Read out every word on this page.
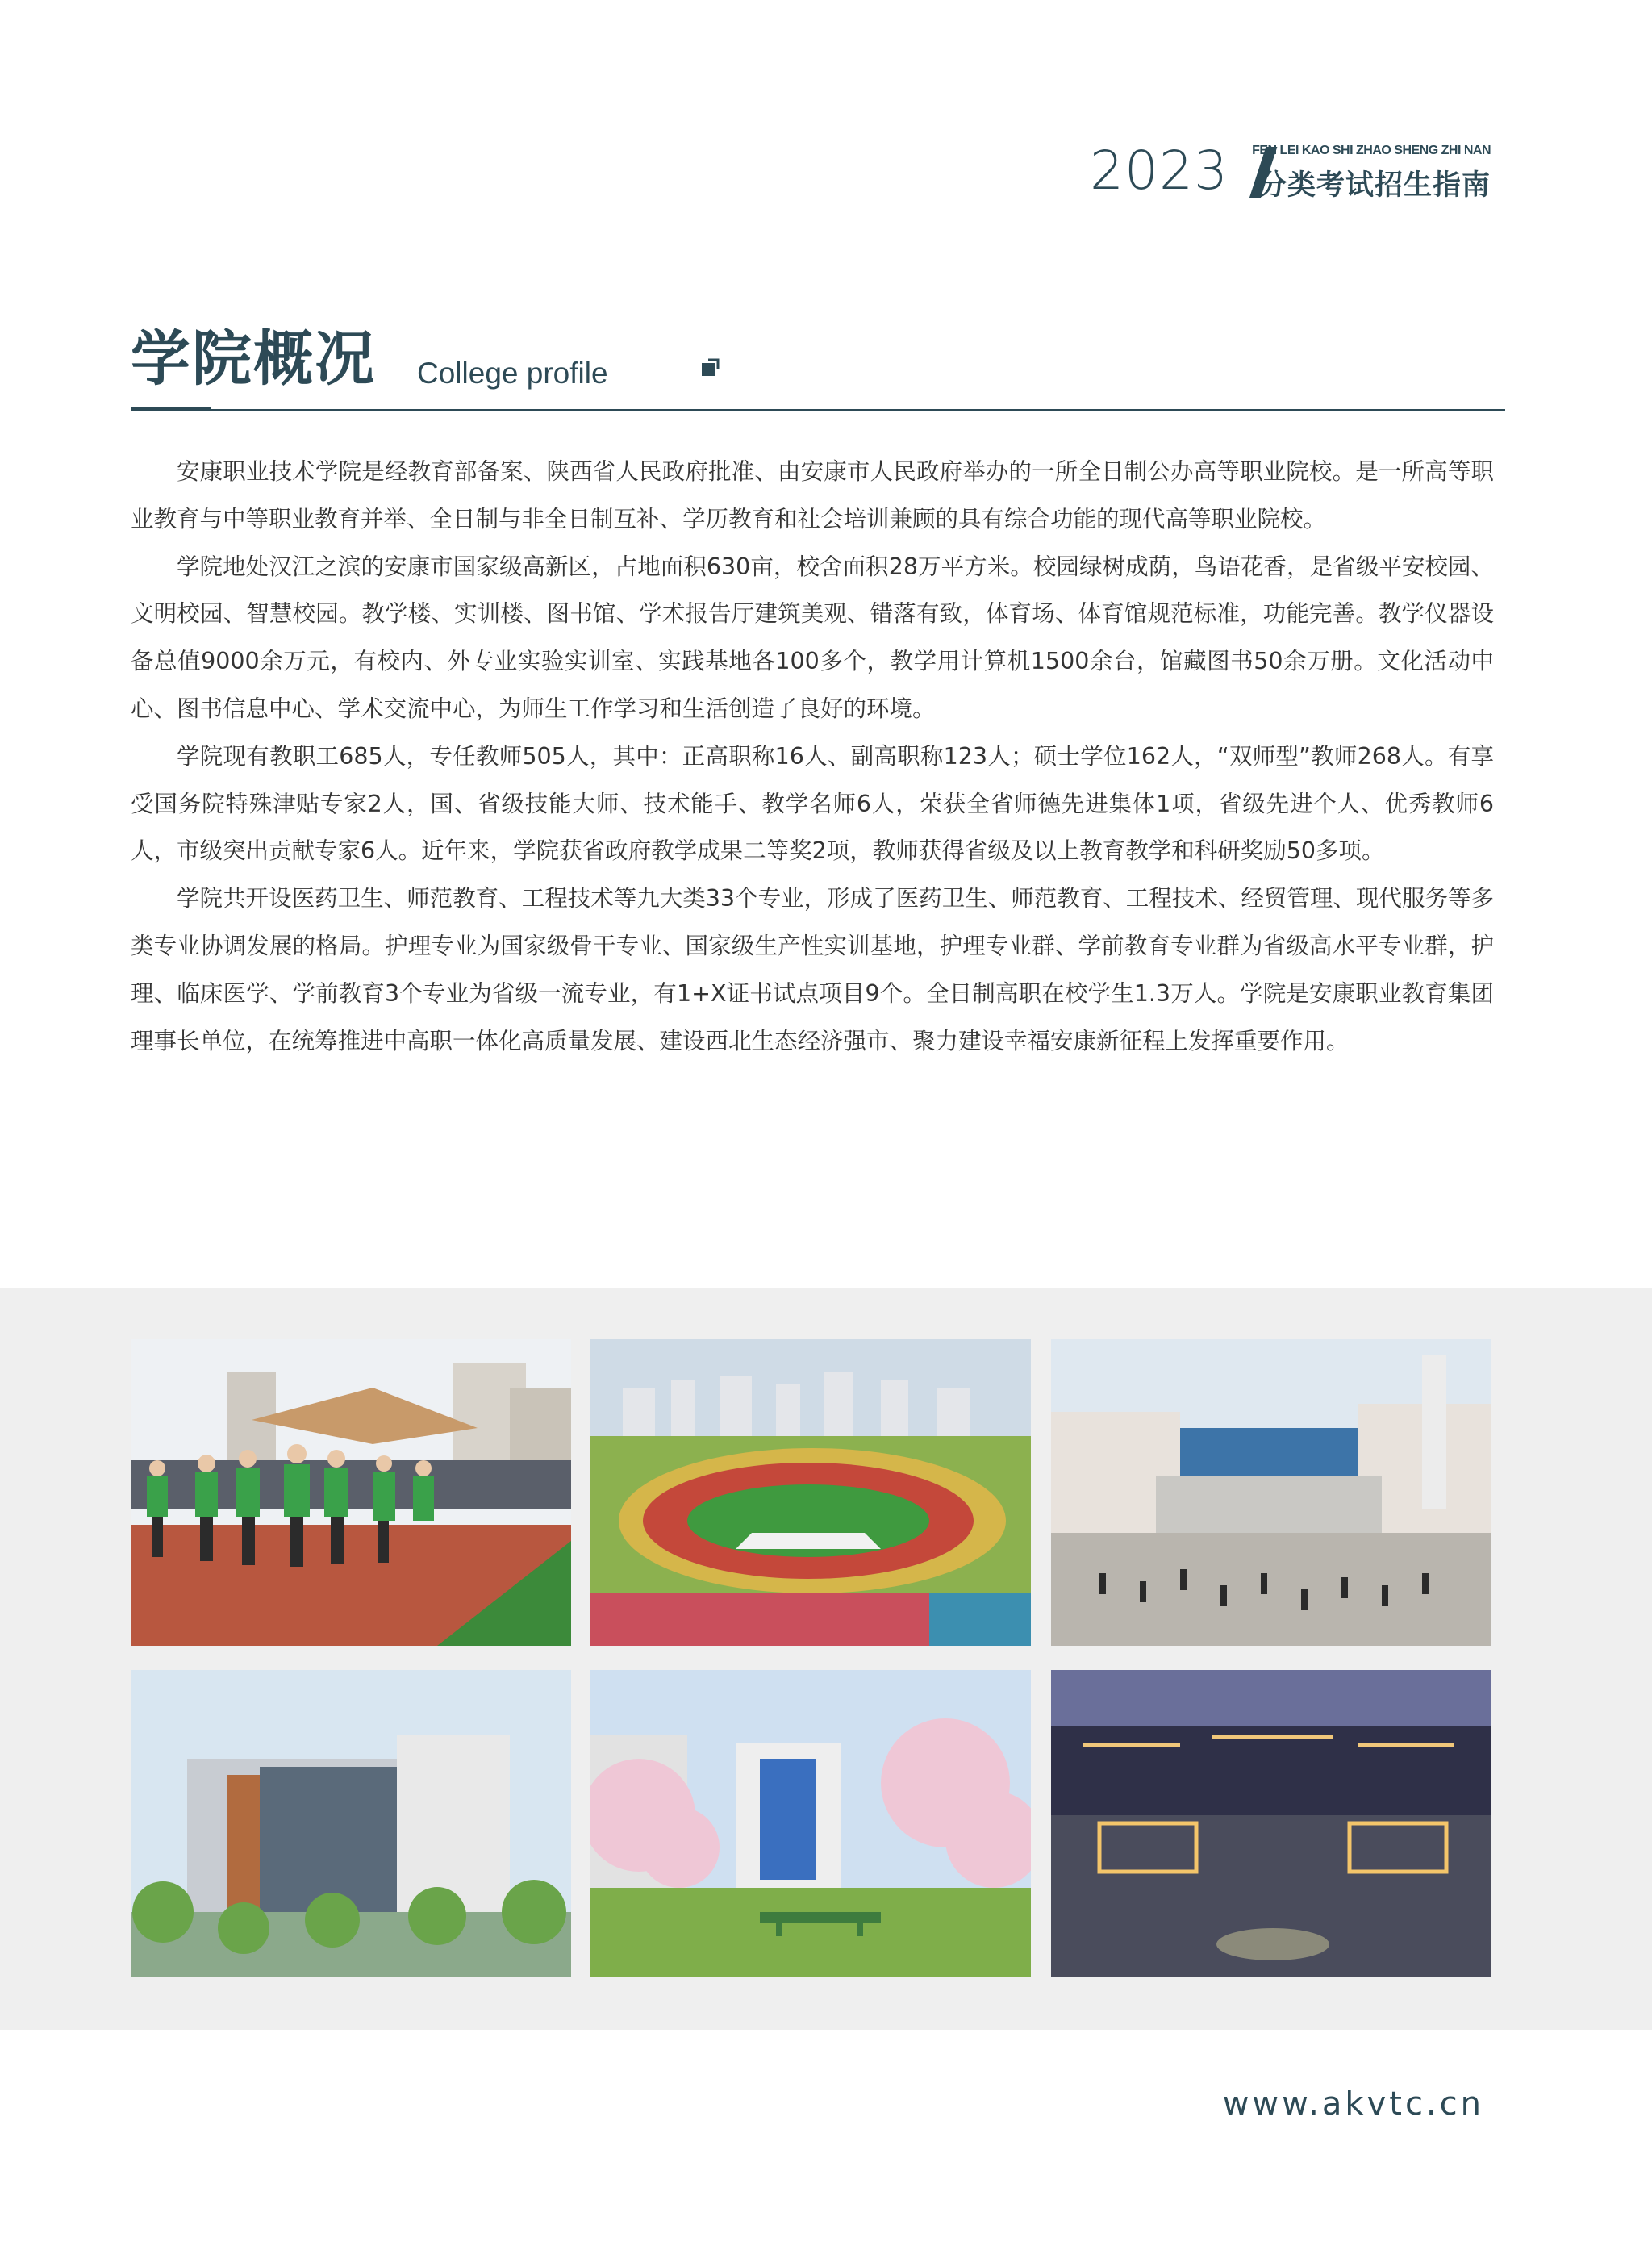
2023 FEN LEI KAO SHI ZHAO SHENG ZHI NAN
分类考试招生指南
学院概况 College profile

安康职业技术学院是经教育部备案、陕西省人民政府批准、由安康市人民政府举办的一所全日制公办高等职业院校。是一所高等职业教育与中等职业教育并举、全日制与非全日制互补、学历教育和社会培训兼顾的具有综合功能的现代高等职业院校。

学院地处汉江之滨的安康市国家级高新区，占地面积630亩，校舍面积28万平方米。校园绿树成荫，鸟语花香，是省级平安校园、文明校园、智慧校园。教学楼、实训楼、图书馆、学术报告厅建筑美观、错落有致，体育场、体育馆规范标准，功能完善。教学仪器设备总值9000余万元，有校内、外专业实验实训室、实践基地各100多个，教学用计算机1500余台，馆藏图书50余万册。文化活动中心、图书信息中心、学术交流中心，为师生工作学习和生活创造了良好的环境。

学院现有教职工685人，专任教师505人，其中：正高职称16人、副高职称123人；硕士学位162人，“双师型”教师268人。有享受国务院特殊津贴专家2人，国、省级技能大师、技术能手、教学名师6人，荣获全省师德先进集体1项，省级先进个人、优秀教师6人，市级突出贡献专家6人。近年来，学院获省政府教学成果二等奖2项，教师获得省级及以上教育教学和科研奖励50多项。

学院共开设医药卫生、师范教育、工程技术等九大类33个专业，形成了医药卫生、师范教育、工程技术、经贸管理、现代服务等多类专业协调发展的格局。护理专业为国家级骨干专业、国家级生产性实训基地，护理专业群、学前教育专业群为省级高水平专业群，护理、临床医学、学前教育3个专业为省级一流专业，有1+X证书试点项目9个。全日制高职在校学生1.3万人。学院是安康职业教育集团理事长单位，在统筹推进中高职一体化高质量发展、建设西北生态经济强市、聚力建设幸福安康新征程上发挥重要作用。

www.akvtc.cn
